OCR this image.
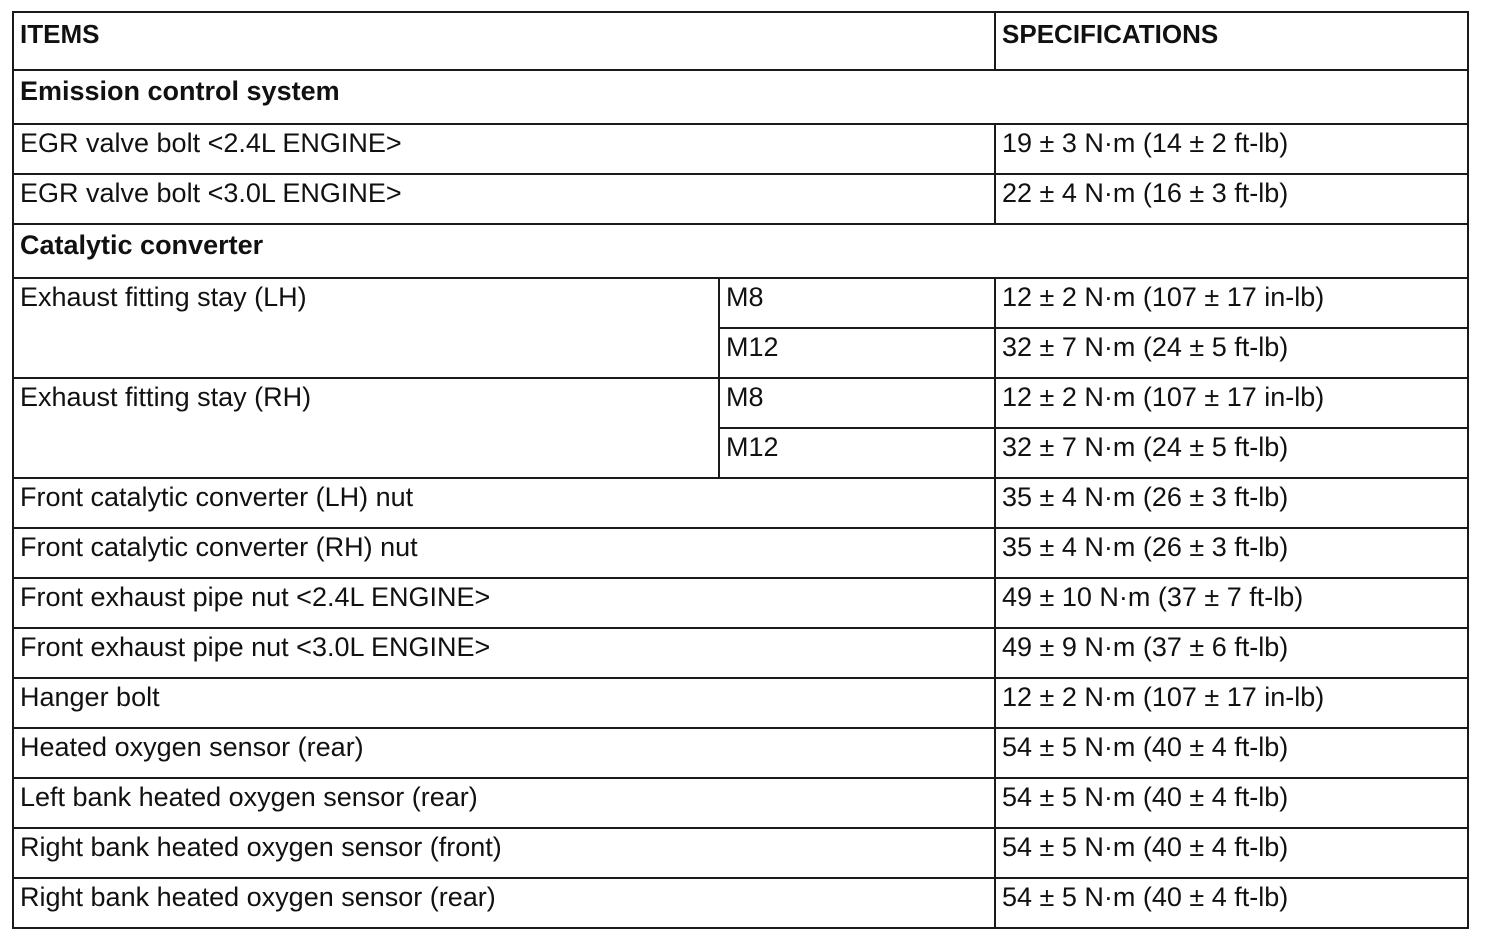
ITEMS		SPECIFICATIONS
Emission control system		
EGR valve bolt <2.4L ENGINE>		19 ± 3 N·m (14 ± 2 ft-lb)
EGR valve bolt <3.0L ENGINE>		22 ± 4 N·m (16 ± 3 ft-lb)
Catalytic converter		
Exhaust fitting stay (LH)	M8	12 ± 2 N·m (107 ± 17 in-lb)
	M12	32 ± 7 N·m (24 ± 5 ft-lb)
Exhaust fitting stay (RH)	M8	12 ± 2 N·m (107 ± 17 in-lb)
	M12	32 ± 7 N·m (24 ± 5 ft-lb)
Front catalytic converter (LH) nut		35 ± 4 N·m (26 ± 3 ft-lb)
Front catalytic converter (RH) nut		35 ± 4 N·m (26 ± 3 ft-lb)
Front exhaust pipe nut <2.4L ENGINE>		49 ± 10 N·m (37 ± 7 ft-lb)
Front exhaust pipe nut <3.0L ENGINE>		49 ± 9 N·m (37 ± 6 ft-lb)
Hanger bolt		12 ± 2 N·m (107 ± 17 in-lb)
Heated oxygen sensor (rear)		54 ± 5 N·m (40 ± 4 ft-lb)
Left bank heated oxygen sensor (rear)		54 ± 5 N·m (40 ± 4 ft-lb)
Right bank heated oxygen sensor (front)		54 ± 5 N·m (40 ± 4 ft-lb)
Right bank heated oxygen sensor (rear)		54 ± 5 N·m (40 ± 4 ft-lb)
